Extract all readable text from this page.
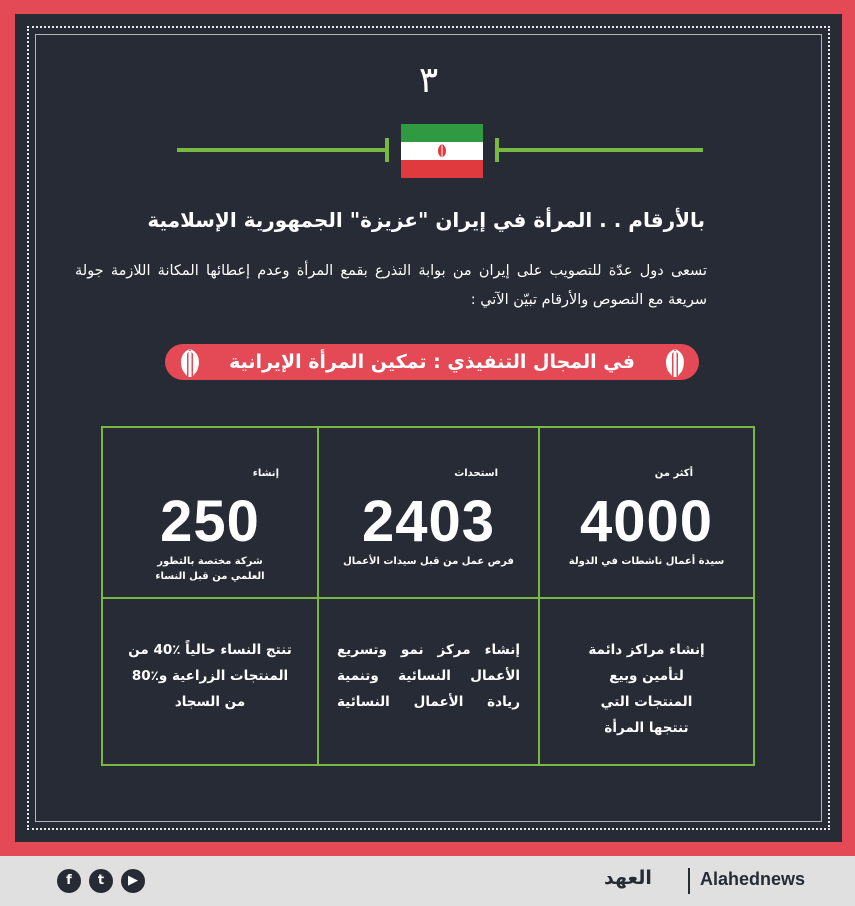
٣
بالأرقام . . المرأة في إيران "عزيزة" الجمهورية الإسلامية
تسعى دول عدّة للتصويب على إيران من بوابة التذرع بقمع المرأة وعدم إعطائها المكانة اللازمة جولة سريعة مع النصوص والأرقام تبيّن الآتي :
في المجال التنفيذي : تمكين المرأة الإيرانية
أكثر من
4000
سيدة أعمال ناشطات في الدولة
استحداث
2403
فرص عمل من قبل سيدات الأعمال
إنشاء
250
شركة مختصة بالتطور العلمي من قبل النساء
إنشاء مراكز دائمة لتأمين وبيع المنتجات التي تنتجها المرأة
إنشاء مركز نمو وتسريع الأعمال النسائية وتنمية ريادة الأعمال النسائية
تنتج النساء حالياً ٪40 من المنتجات الزراعية و٪80 من السجاد
f	t	▶	العهد	Alahednews
